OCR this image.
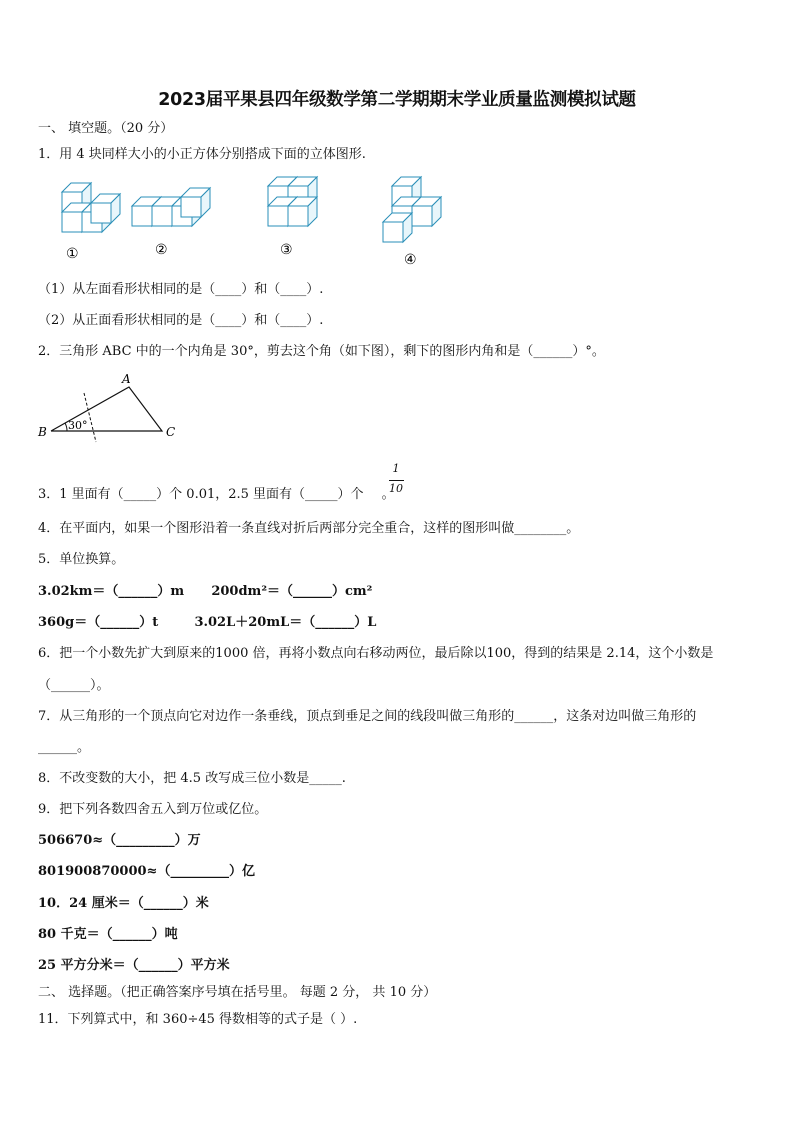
2023届平果县四年级数学第二学期期末学业质量监测模拟试题
一、 填空题。（20 分）
1．用 4 块同样大小的小正方体分别搭成下面的立体图形.
①	②	③
④
（1）从左面看形状相同的是（____）和（____）.
（2）从正面看形状相同的是（____）和（____）.
2．三角形 ABC 中的一个内角是 30°，剪去这个角（如下图），剩下的图形内角和是（______）°。
A
B	C
30°
3．1 里面有（_____）个 0.01，2.5 里面有（_____）个 。
1
10
4．在平面内，如果一个图形沿着一条直线对折后两部分完全重合，这样的图形叫做________。
5．单位换算。
3.02km＝（______）m      200dm²＝（______）cm²
360g＝（______）t        3.02L＋20mL＝（______）L
6．把一个小数先扩大到原来的1000 倍，再将小数点向右移动两位，最后除以100，得到的结果是 2.14，这个小数是
（______）。
7．从三角形的一个顶点向它对边作一条垂线，顶点到垂足之间的线段叫做三角形的______，这条对边叫做三角形的
______。
8．不改变数的大小，把 4.5 改写成三位小数是_____.
9．把下列各数四舍五入到万位或亿位。
506670≈（_________）万
801900870000≈（_________）亿
10．24 厘米＝（______）米
80 千克＝（______）吨
25 平方分米＝（______）平方米
二、 选择题。（把正确答案序号填在括号里。 每题 2 分， 共 10 分）
11．下列算式中，和 360÷45 得数相等的式子是（ ）.
